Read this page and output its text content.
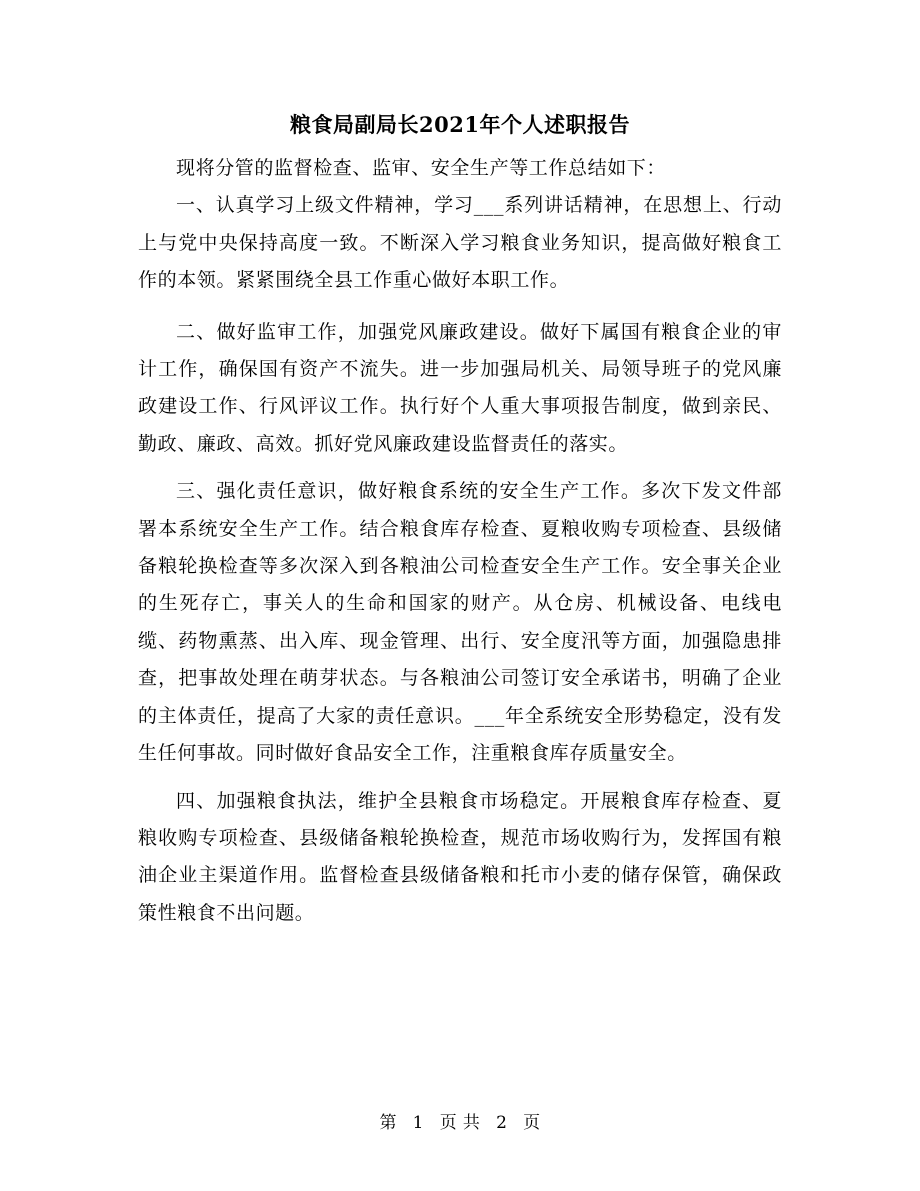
粮食局副局长2021年个人述职报告

现将分管的监督检查、监审、安全生产等工作总结如下：

一、认真学习上级文件精神，学习___系列讲话精神，在思想上、行动上与党中央保持高度一致。不断深入学习粮食业务知识，提高做好粮食工作的本领。紧紧围绕全县工作重心做好本职工作。

二、做好监审工作，加强党风廉政建设。做好下属国有粮食企业的审计工作，确保国有资产不流失。进一步加强局机关、局领导班子的党风廉政建设工作、行风评议工作。执行好个人重大事项报告制度，做到亲民、勤政、廉政、高效。抓好党风廉政建设监督责任的落实。

三、强化责任意识，做好粮食系统的安全生产工作。多次下发文件部署本系统安全生产工作。结合粮食库存检查、夏粮收购专项检查、县级储备粮轮换检查等多次深入到各粮油公司检查安全生产工作。安全事关企业的生死存亡，事关人的生命和国家的财产。从仓房、机械设备、电线电缆、药物熏蒸、出入库、现金管理、出行、安全度汛等方面，加强隐患排查，把事故处理在萌芽状态。与各粮油公司签订安全承诺书，明确了企业的主体责任，提高了大家的责任意识。___年全系统安全形势稳定，没有发生任何事故。同时做好食品安全工作，注重粮食库存质量安全。

四、加强粮食执法，维护全县粮食市场稳定。开展粮食库存检查、夏粮收购专项检查、县级储备粮轮换检查，规范市场收购行为，发挥国有粮油企业主渠道作用。监督检查县级储备粮和托市小麦的储存保管，确保政策性粮食不出问题。

第 1 页 共 2 页
